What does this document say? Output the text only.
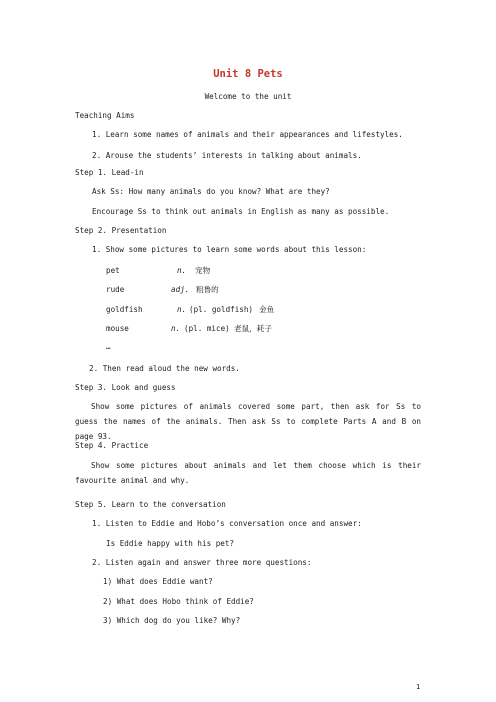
Unit 8 Pets
Welcome to the unit
Teaching Aims
1. Learn some names of animals and their appearances and lifestyles.
2. Arouse the students’ interests in talking about animals.
Step 1. Lead-in
Ask Ss: How many animals do you know? What are they?
Encourage Ss to think out animals in English as many as possible.
Step 2. Presentation
1. Show some pictures to learn some words about this lesson:
pet	n. 宠物
rude	adj. 粗鲁的
goldfish	n. (pl. goldfish) 金鱼
mouse	n. (pl. mice) 老鼠，耗子
…
2. Then read aloud the new words.
Step 3. Look and guess
Show some pictures of animals covered some part, then ask for Ss to guess the names of the animals. Then ask Ss to complete Parts A and B on page 93.
Step 4. Practice
Show some pictures about animals and let them choose which is their favourite animal and why.
Step 5. Learn to the conversation
1. Listen to Eddie and Hobo’s conversation once and answer:
Is Eddie happy with his pet?
2. Listen again and answer three more questions:
1) What does Eddie want?
2) What does Hobo think of Eddie?
3) Which dog do you like? Why?
1
